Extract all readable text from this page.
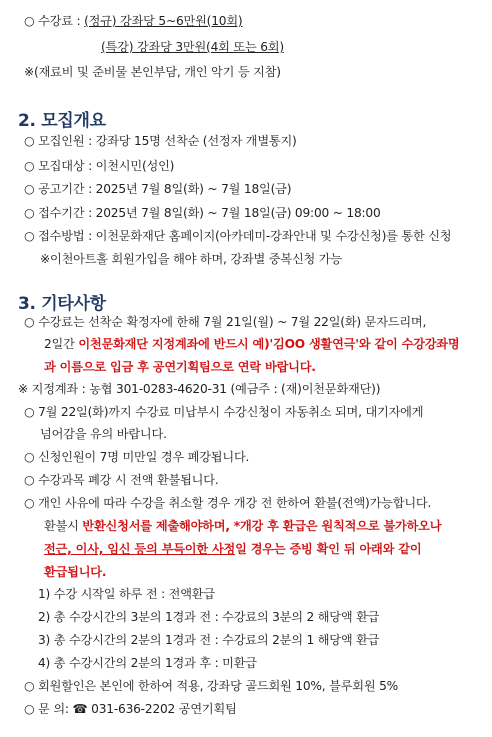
○ 수강료 : (정규) 강좌당 5~6만원(10회)
(특강) 강좌당 3만원(4회 또는 6회)
※(재료비 및 준비물 본인부담, 개인 악기 등 지참)
2. 모집개요
○ 모집인원 : 강좌당 15명 선착순 (선정자 개별통지)
○ 모집대상 : 이천시민(성인)
○ 공고기간 : 2025년 7월 8일(화) ~ 7월 18일(금)
○ 접수기간 : 2025년 7월 8일(화) ~ 7월 18일(금) 09:00 ~ 18:00
○ 접수방법 : 이천문화재단 홈페이지(아카데미-강좌안내 및 수강신청)를 통한 신청
※이천아트홀 회원가입을 해야 하며, 강좌별 중복신청 가능
3. 기타사항
○ 수강료는 선착순 확정자에 한해 7월 21일(월) ~ 7월 22일(화) 문자드리며,
2일간 이천문화재단 지정계좌에 반드시 예)'김OO 생활연극'와 같이 수강강좌명
과 이름으로 입금 후 공연기획팀으로 연락 바랍니다.
※ 지정계좌 : 농협 301-0283-4620-31 (예금주 : (재)이천문화재단))
○ 7월 22일(화)까지 수강료 미납부시 수강신청이 자동취소 되며, 대기자에게
넘어감을 유의 바랍니다.
○ 신청인원이 7명 미만일 경우 폐강됩니다.
○ 수강과목 폐강 시 전액 환불됩니다.
○ 개인 사유에 따라 수강을 취소할 경우 개강 전 한하여 환불(전액)가능합니다.
환불시 반환신청서를 제출해야하며, *개강 후 환급은 원칙적으로 불가하오나
전근, 이사, 임신 등의 부득이한 사정일 경우는 증빙 확인 뒤 아래와 같이
환급됩니다.
1) 수강 시작일 하루 전 : 전액환급
2) 총 수강시간의 3분의 1경과 전 : 수강료의 3분의 2 해당액 환급
3) 총 수강시간의 2분의 1경과 전 : 수강료의 2분의 1 해당액 환급
4) 총 수강시간의 2분의 1경과 후 : 미환급
○ 회원할인은 본인에 한하여 적용, 강좌당 골드회원 10%, 블루회원 5%
○ 문 의: ☎ 031-636-2202 공연기획팀
